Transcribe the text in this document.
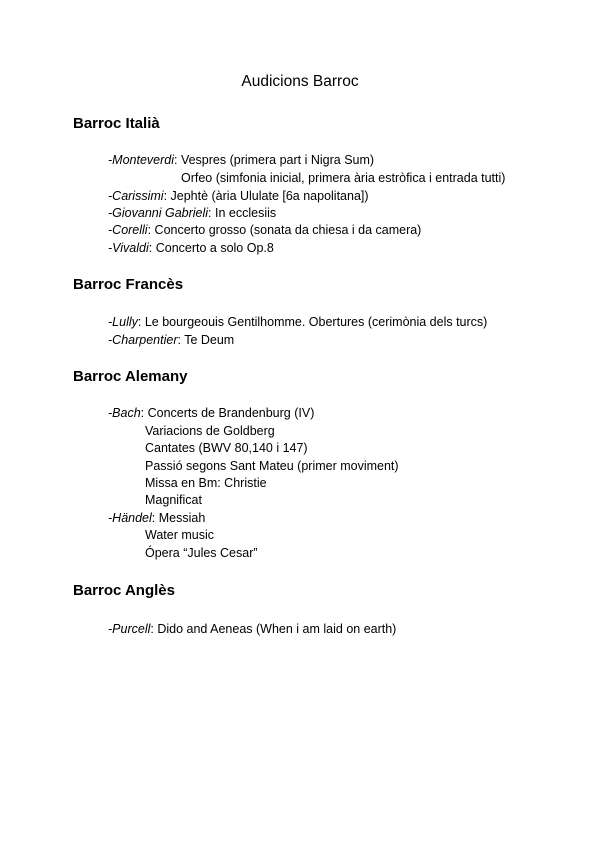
Audicions Barroc
Barroc Italià
-Monteverdi: Vespres (primera part i Nigra Sum)
Orfeo (simfonia inicial, primera ària estròfica i entrada tutti)
-Carissimi: Jephtè (ària Ululate [6a napolitana])
-Giovanni Gabrieli: In ecclesiis
-Corelli: Concerto grosso (sonata da chiesa i da camera)
-Vivaldi: Concerto a solo Op.8
Barroc Francès
-Lully: Le bourgeouis Gentilhomme. Obertures (cerimònia dels turcs)
-Charpentier: Te Deum
Barroc Alemany
-Bach: Concerts de Brandenburg (IV)
Variacions de Goldberg
Cantates (BWV 80,140 i 147)
Passió segons Sant Mateu (primer moviment)
Missa en Bm: Christie
Magnificat
-Händel: Messiah
Water music
Ópera “Jules Cesar”
Barroc Anglès
-Purcell: Dido and Aeneas (When i am laid on earth)
